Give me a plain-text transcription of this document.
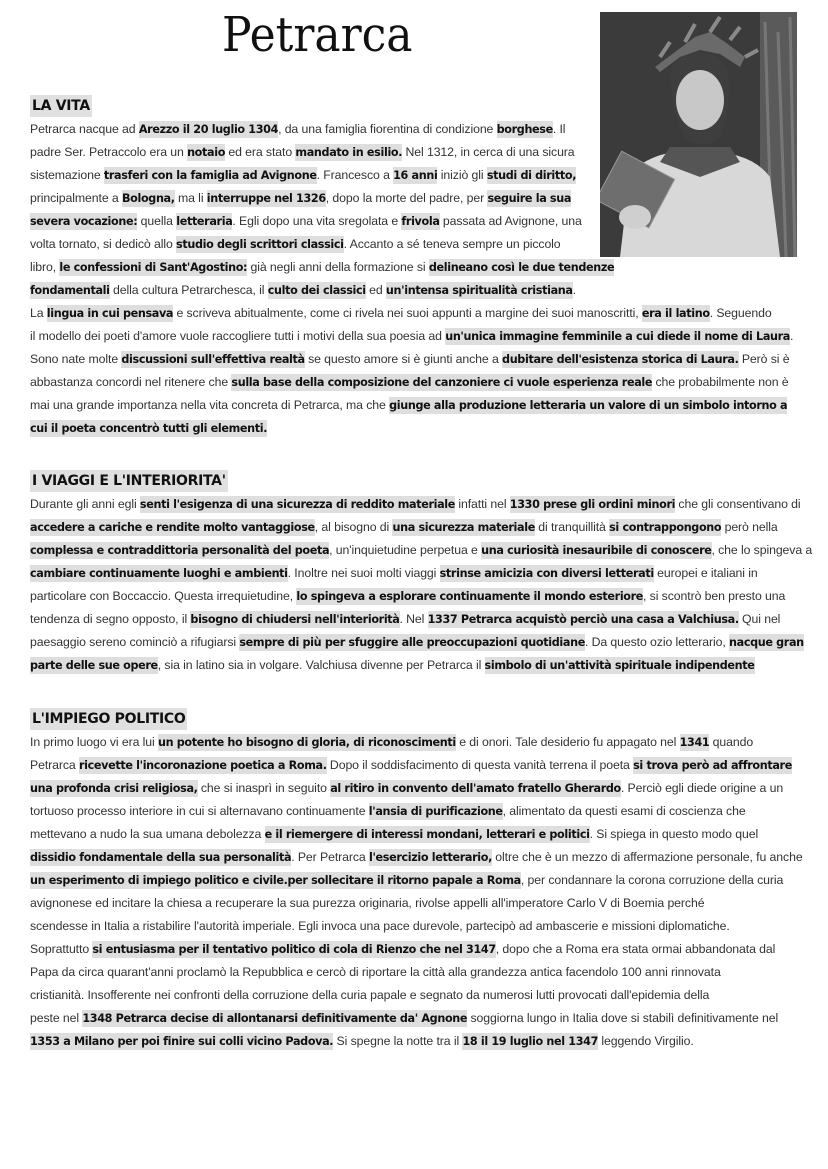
Petrarca
LA VITA
Petrarca nacque ad Arezzo il 20 luglio 1304, da una famiglia fiorentina di condizione borghese. Il
padre Ser. Petraccolo era un notaio ed era stato mandato in esilio. Nel 1312, in cerca di una sicura
sistemazione trasferi con la famiglia ad Avignone. Francesco a 16 anni iniziò gli studi di diritto,
principalmente a Bologna, ma li interruppe nel 1326, dopo la morte del padre, per seguire la sua
severa vocazione: quella letteraria. Egli dopo una vita sregolata e frivola passata ad Avignone, una
volta tornato, si dedicò allo studio degli scrittori classici. Accanto a sé teneva sempre un piccolo
libro, le confessioni di Sant'Agostino: già negli anni della formazione si delineano così le due tendenze
fondamentali della cultura Petrarchesca, il culto dei classici ed un'intensa spiritualità cristiana.
La lingua in cui pensava e scriveva abitualmente, come ci rivela nei suoi appunti a margine dei suoi manoscritti, era il latino. Seguendo
il modello dei poeti d'amore vuole raccogliere tutti i motivi della sua poesia ad un'unica immagine femminile a cui diede il nome di Laura.
Sono nate molte discussioni sull'effettiva realtà se questo amore si è giunti anche a dubitare dell'esistenza storica di Laura. Però si è
abbastanza concordi nel ritenere che sulla base della composizione del canzoniere ci vuole esperienza reale che probabilmente non è
mai una grande importanza nella vita concreta di Petrarca, ma che giunge alla produzione letteraria un valore di un simbolo intorno a
cui il poeta concentrò tutti gli elementi.
I VIAGGI E L'INTERIORITA'
Durante gli anni egli senti l'esigenza di una sicurezza di reddito materiale infatti nel 1330 prese gli ordini minori che gli consentivano di
accedere a cariche e rendite molto vantaggiose, al bisogno di una sicurezza materiale di tranquillità si contrappongono però nella
complessa e contraddittoria personalità del poeta, un'inquietudine perpetua e una curiosità inesauribile di conoscere, che lo spingeva a
cambiare continuamente luoghi e ambienti. Inoltre nei suoi molti viaggi strinse amicizia con diversi letterati europei e italiani in
particolare con Boccaccio. Questa irrequietudine, lo spingeva a esplorare continuamente il mondo esteriore, si scontrò ben presto una
tendenza di segno opposto, il bisogno di chiudersi nell'interiorità. Nel 1337 Petrarca acquistò perciò una casa a Valchiusa. Qui nel
paesaggio sereno cominciò a rifugiarsi sempre di più per sfuggire alle preoccupazioni quotidiane. Da questo ozio letterario, nacque gran
parte delle sue opere, sia in latino sia in volgare. Valchiusa divenne per Petrarca il simbolo di un'attività spirituale indipendente
L'IMPIEGO POLITICO
In primo luogo vi era lui un potente ho bisogno di gloria, di riconoscimenti e di onori. Tale desiderio fu appagato nel 1341 quando
Petrarca ricevette l'incoronazione poetica a Roma. Dopo il soddisfacimento di questa vanità terrena il poeta si trova però ad affrontare
una profonda crisi religiosa, che si inasprì in seguito al ritiro in convento dell'amato fratello Gherardo. Perciò egli diede origine a un
tortuoso processo interiore in cui si alternavano continuamente l'ansia di purificazione, alimentato da questi esami di coscienza che
mettevano a nudo la sua umana debolezza e il riemergere di interessi mondani, letterari e politici. Si spiega in questo modo quel
dissidio fondamentale della sua personalità. Per Petrarca l'esercizio letterario, oltre che è un mezzo di affermazione personale, fu anche
un esperimento di impiego politico e civile.per sollecitare il ritorno papale a Roma, per condannare la corona corruzione della curia
avignonese ed incitare la chiesa a recuperare la sua purezza originaria, rivolse appelli all'imperatore Carlo V di Boemia perché
scendesse in Italia a ristabilire l'autorità imperiale. Egli invoca una pace durevole, partecipò ad ambascerie e missioni diplomatiche.
Soprattutto si entusiasma per il tentativo politico di cola di Rienzo che nel 3147, dopo che a Roma era stata ormai abbandonata dal
Papa da circa quarant'anni proclamò la Repubblica e cercò di riportare la città alla grandezza antica facendolo 100 anni rinnovata
cristianità. Insofferente nei confronti della corruzione della curia papale e segnato da numerosi lutti provocati dall'epidemia della
peste nel 1348 Petrarca decise di allontanarsi definitivamente da' Agnone soggiorna lungo in Italia dove si stabilì definitivamente nel
1353 a Milano per poi finire sui colli vicino Padova. Si spegne la notte tra il 18 il 19 luglio nel 1347 leggendo Virgilio.
